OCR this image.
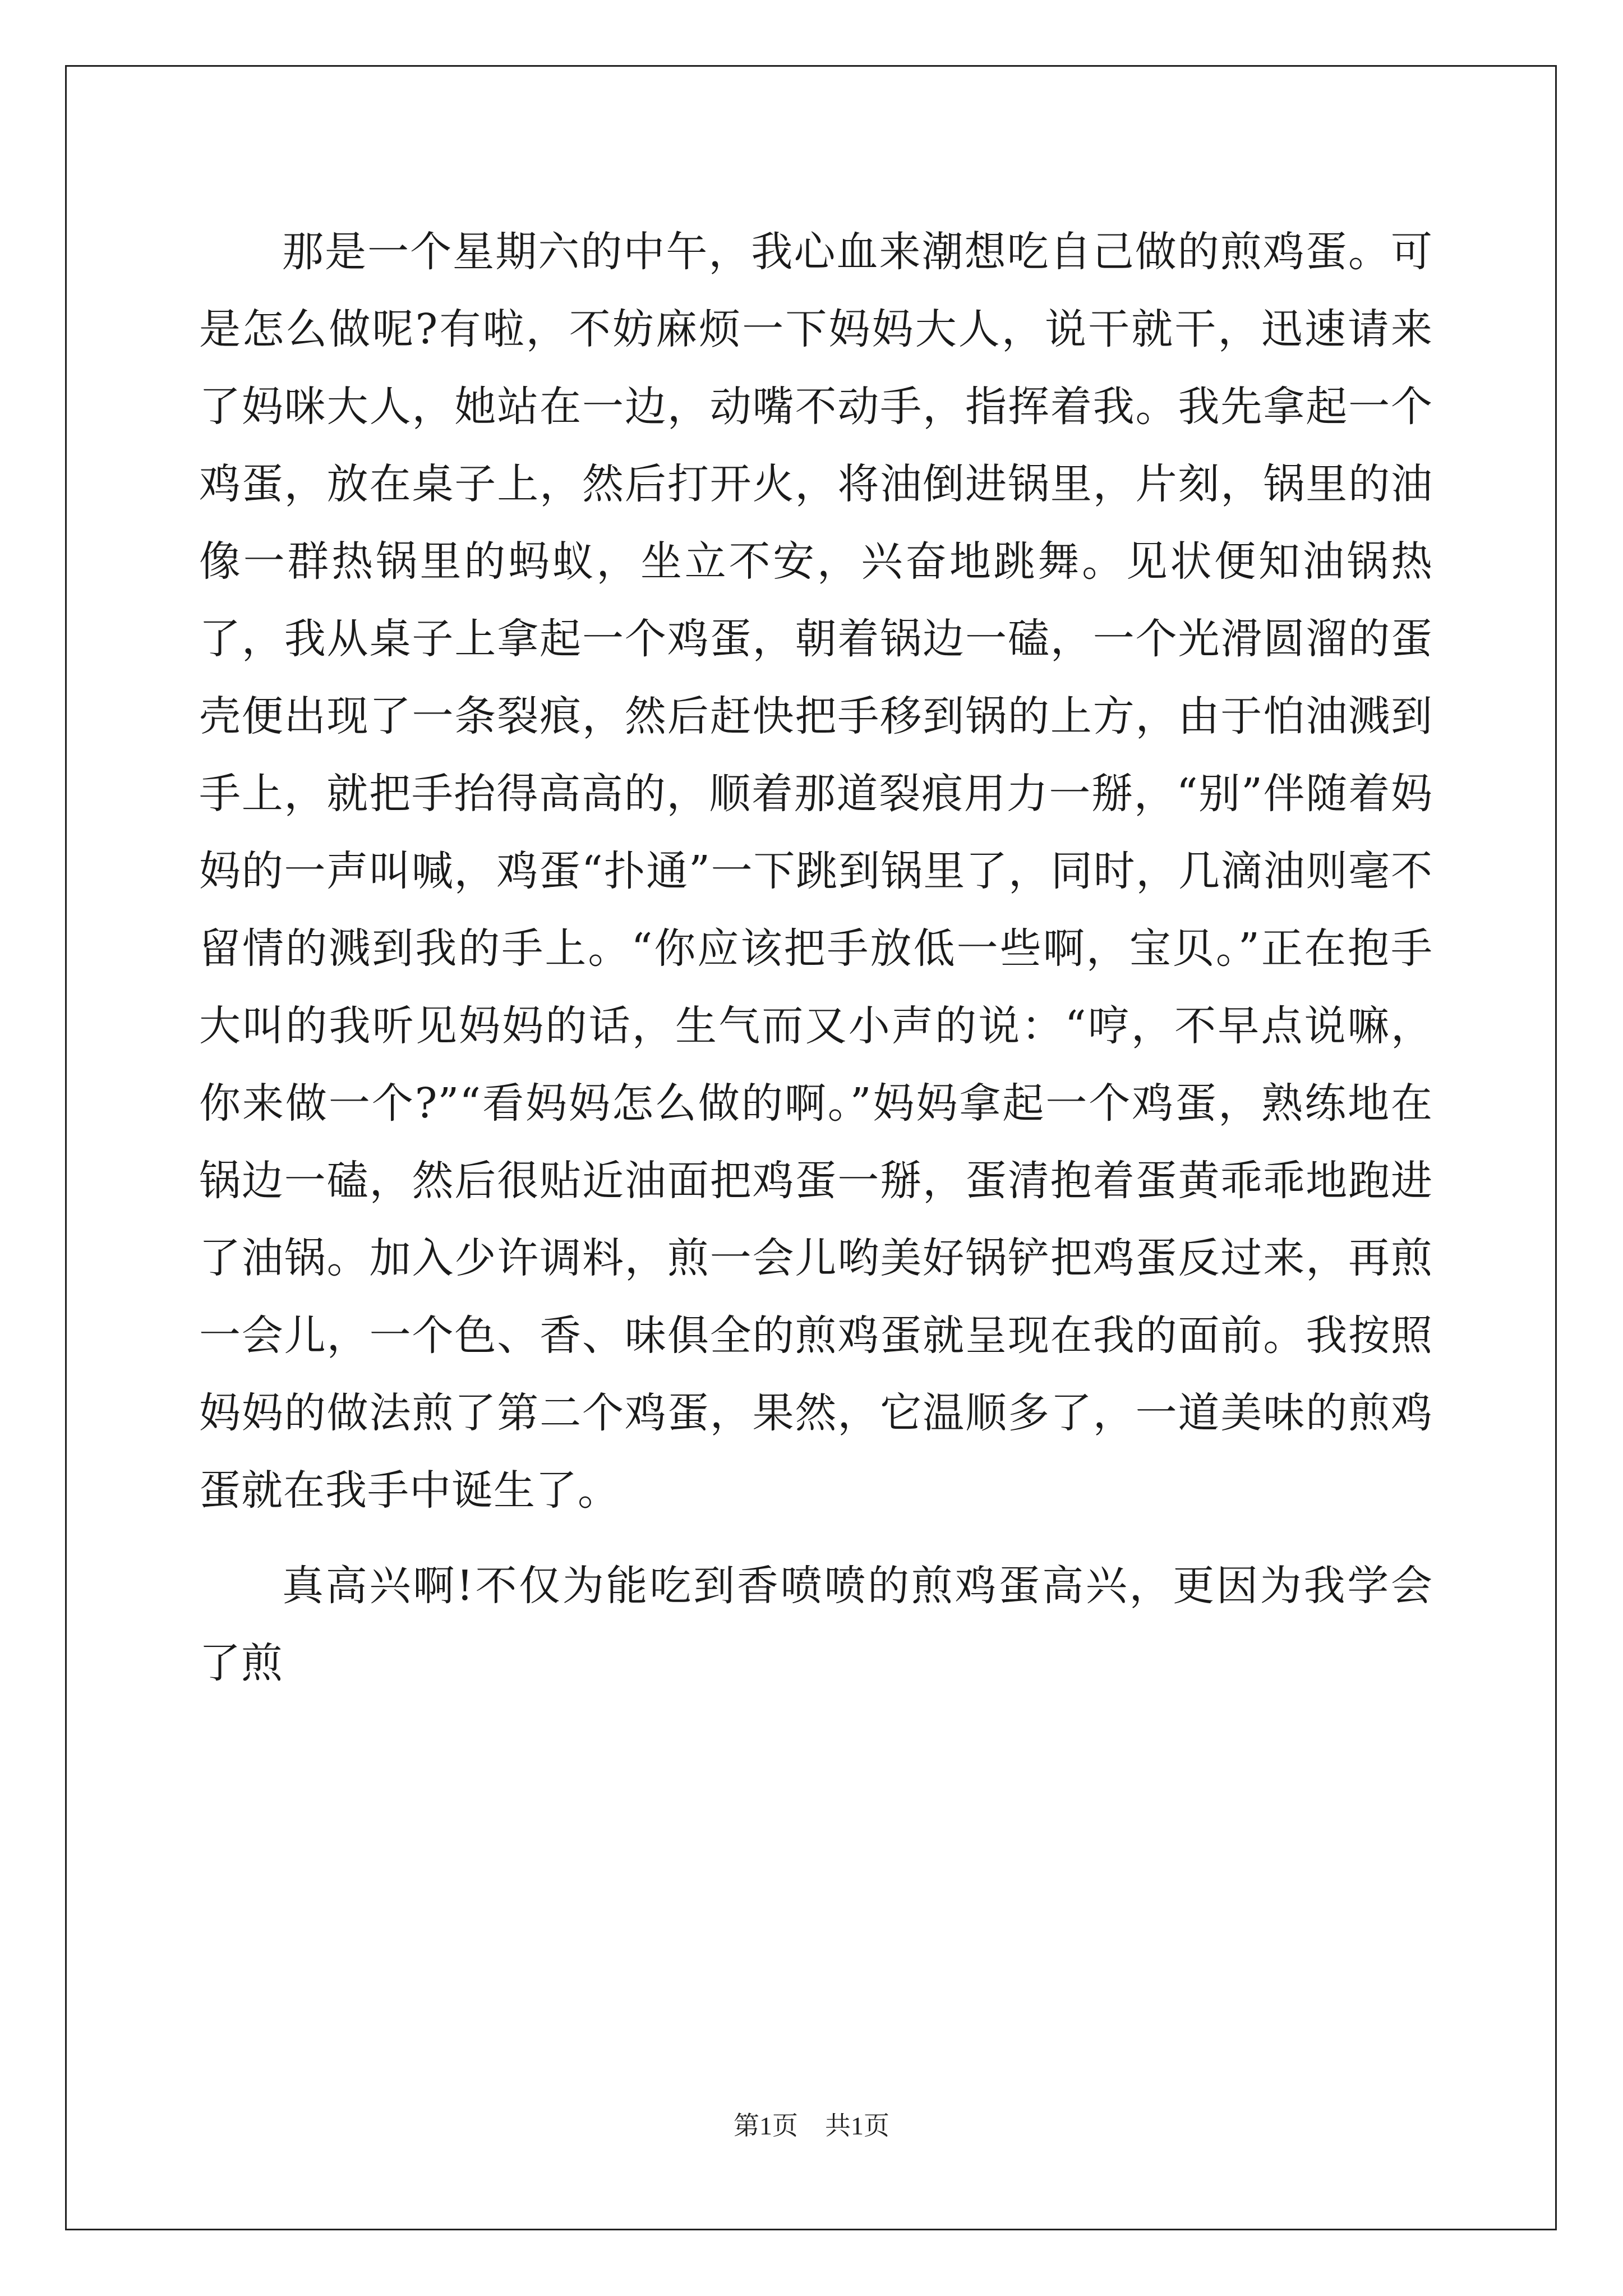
那是一个星期六的中午，我心血来潮想吃自己做的煎鸡蛋。可是怎么做呢?有啦，不妨麻烦一下妈妈大人，说干就干，迅速请来了妈咪大人，她站在一边，动嘴不动手，指挥着我。我先拿起一个鸡蛋，放在桌子上，然后打开火，将油倒进锅里，片刻，锅里的油像一群热锅里的蚂蚁，坐立不安，兴奋地跳舞。见状便知油锅热了，我从桌子上拿起一个鸡蛋，朝着锅边一磕，一个光滑圆溜的蛋壳便出现了一条裂痕，然后赶快把手移到锅的上方，由于怕油溅到手上，就把手抬得高高的，顺着那道裂痕用力一掰，“别”伴随着妈妈的一声叫喊，鸡蛋“扑通”一下跳到锅里了，同时，几滴油则毫不留情的溅到我的手上。“你应该把手放低一些啊，宝贝。”正在抱手大叫的我听见妈妈的话，生气而又小声的说：“哼，不早点说嘛，你来做一个?”“看妈妈怎么做的啊。”妈妈拿起一个鸡蛋，熟练地在锅边一磕，然后很贴近油面把鸡蛋一掰，蛋清抱着蛋黄乖乖地跑进了油锅。加入少许调料，煎一会儿哟美好锅铲把鸡蛋反过来，再煎一会儿，一个色、香、味俱全的煎鸡蛋就呈现在我的面前。我按照妈妈的做法煎了第二个鸡蛋，果然，它温顺多了，一道美味的煎鸡蛋就在我手中诞生了。

真高兴啊!不仅为能吃到香喷喷的煎鸡蛋高兴，更因为我学会了煎

第1页 共1页
